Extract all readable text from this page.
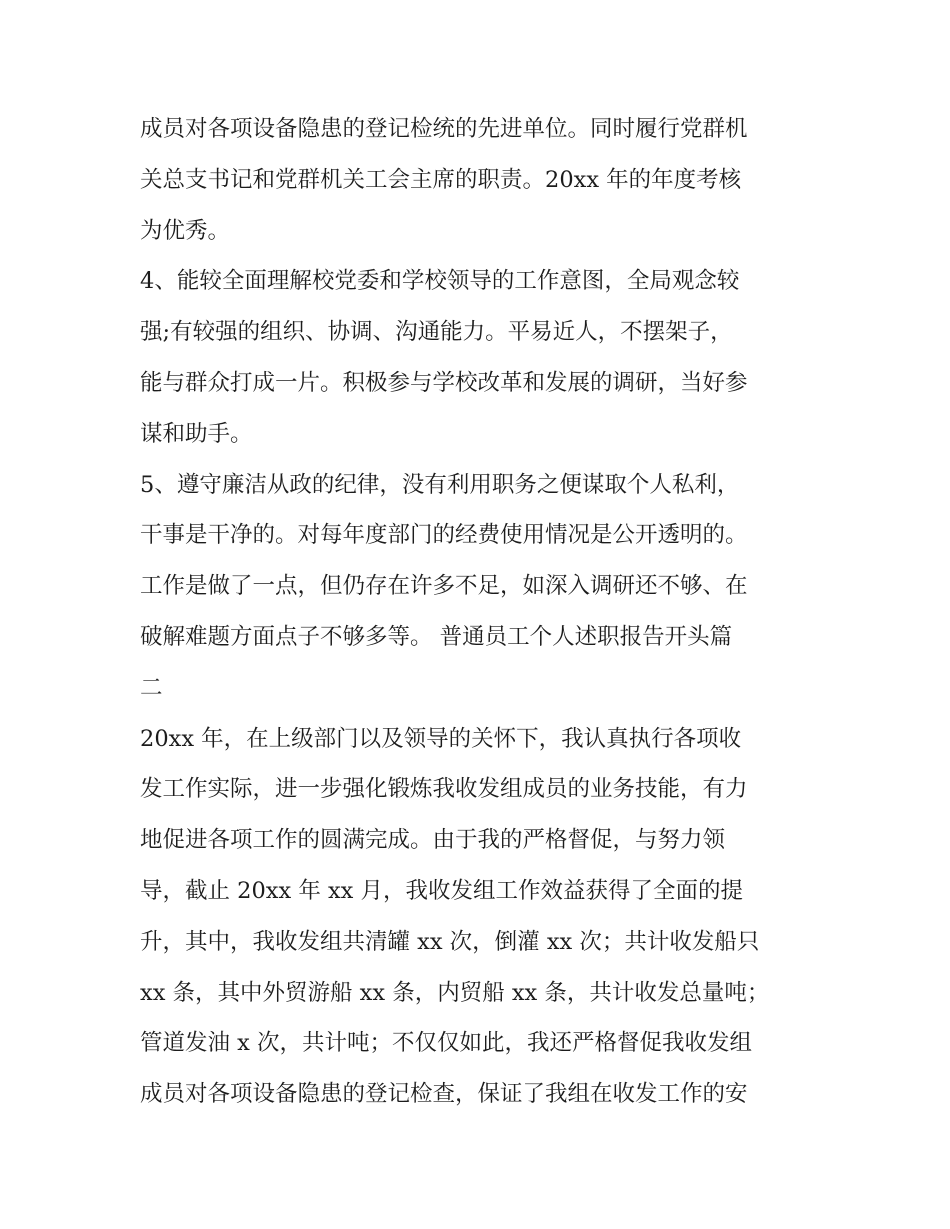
成员对各项设备隐患的登记检统的先进单位。同时履行党群机
关总支书记和党群机关工会主席的职责。20xx 年的年度考核
为优秀。
4、能较全面理解校党委和学校领导的工作意图，全局观念较
强;有较强的组织、协调、沟通能力。平易近人，不摆架子，
能与群众打成一片。积极参与学校改革和发展的调研，当好参
谋和助手。
5、遵守廉洁从政的纪律，没有利用职务之便谋取个人私利，
干事是干净的。对每年度部门的经费使用情况是公开透明的。
工作是做了一点，但仍存在许多不足，如深入调研还不够、在
破解难题方面点子不够多等。 普通员工个人述职报告开头篇
二
20xx 年，在上级部门以及领导的关怀下，我认真执行各项收
发工作实际，进一步强化锻炼我收发组成员的业务技能，有力
地促进各项工作的圆满完成。由于我的严格督促，与努力领
导，截止 20xx 年 xx 月，我收发组工作效益获得了全面的提
升，其中，我收发组共清罐 xx 次，倒灌 xx 次；共计收发船只
xx 条，其中外贸游船 xx 条，内贸船 xx 条，共计收发总量吨；
管道发油 x 次，共计吨；不仅仅如此，我还严格督促我收发组
成员对各项设备隐患的登记检查，保证了我组在收发工作的安
